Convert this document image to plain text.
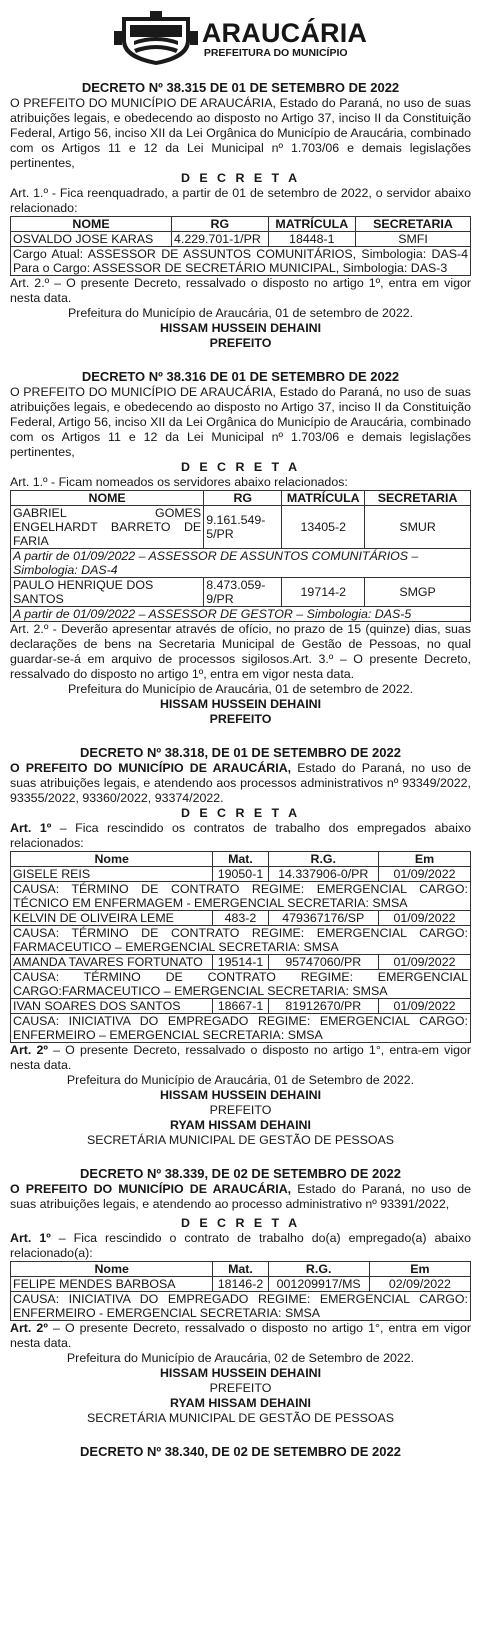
ARAUCÁRIA
PREFEITURA DO MUNICÍPIO
DECRETO Nº 38.315 DE 01 DE SETEMBRO DE 2022
O PREFEITO DO MUNICÍPIO DE ARAUCÁRIA, Estado do Paraná, no uso de suas atribuições legais, e obedecendo ao disposto no Artigo 37, inciso II da Constituição Federal, Artigo 56, inciso XII da Lei Orgânica do Município de Araucária, combinado com os Artigos 11 e 12 da Lei Municipal nº 1.703/06 e demais legislações pertinentes,
D E C R E T A
Art. 1.º - Fica reenquadrado, a partir de 01 de setembro de 2022, o servidor abaixo relacionado:
NOME	RG	MATRÍCULA	SECRETARIA
OSVALDO JOSE KARAS	4.229.701-1/PR	18448-1	SMFI
Cargo Atual: ASSESSOR DE ASSUNTOS COMUNITÁRIOS, Simbologia: DAS-4 Para o Cargo: ASSESSOR DE SECRETÁRIO MUNICIPAL, Simbologia: DAS-3			
Art. 2.º – O presente Decreto, ressalvado o disposto no artigo 1º, entra em vigor nesta data.
Prefeitura do Município de Araucária, 01 de setembro de 2022.
HISSAM HUSSEIN DEHAINI
PREFEITO
DECRETO Nº 38.316 DE 01 DE SETEMBRO DE 2022
O PREFEITO DO MUNICÍPIO DE ARAUCÁRIA, Estado do Paraná, no uso de suas atribuições legais, e obedecendo ao disposto no Artigo 37, inciso II da Constituição Federal, Artigo 56, inciso XII da Lei Orgânica do Município de Araucária, combinado com os Artigos 11 e 12 da Lei Municipal nº 1.703/06 e demais legislações pertinentes,
D E C R E T A
Art. 1.º - Ficam nomeados os servidores abaixo relacionados:
NOME	RG	MATRÍCULA	SECRETARIA
GABRIEL GOMES ENGELHARDT BARRETO DE FARIA	9.161.549-5/PR	13405-2	SMUR
A partir de 01/09/2022 – ASSESSOR DE ASSUNTOS COMUNITÁRIOS – Simbologia: DAS-4			
PAULO HENRIQUE DOS SANTOS	8.473.059-9/PR	19714-2	SMGP
A partir de 01/09/2022 – ASSESSOR DE GESTOR – Simbologia: DAS-5			
Art. 2.º - Deverão apresentar através de ofício, no prazo de 15 (quinze) dias, suas declarações de bens na Secretaria Municipal de Gestão de Pessoas, no qual guardar-se-á em arquivo de processos sigilosos.Art. 3.º – O presente Decreto, ressalvado do disposto no artigo 1º, entra em vigor nesta data.
Prefeitura do Município de Araucária, 01 de setembro de 2022.
HISSAM HUSSEIN DEHAINI
PREFEITO
DECRETO Nº 38.318, DE 01 DE SETEMBRO DE 2022
O PREFEITO DO MUNICÍPIO DE ARAUCÁRIA, Estado do Paraná, no uso de suas atribuições legais, e atendendo aos processos administrativos nº 93349/2022, 93355/2022, 93360/2022, 93374/2022.
D E C R E T A
Art. 1º – Fica rescindido os contratos de trabalho dos empregados abaixo relacionados:
Nome	Mat.	R.G.	Em
GISELE REIS	19050-1	14.337906-0/PR	01/09/2022
CAUSA: TÉRMINO DE CONTRATO REGIME: EMERGENCIAL CARGO: TÉCNICO EM ENFERMAGEM - EMERGENCIAL SECRETARIA: SMSA			
KELVIN DE OLIVEIRA LEME	483-2	479367176/SP	01/09/2022
CAUSA: TÉRMINO DE CONTRATO REGIME: EMERGENCIAL CARGO: FARMACEUTICO – EMERGENCIAL SECRETARIA: SMSA			
AMANDA TAVARES FORTUNATO	19514-1	95747060/PR	01/09/2022
CAUSA: TÉRMINO DE CONTRATO REGIME: EMERGENCIAL CARGO:FARMACEUTICO – EMERGENCIAL SECRETARIA: SMSA			
IVAN SOARES DOS SANTOS	18667-1	81912670/PR	01/09/2022
CAUSA: INICIATIVA DO EMPREGADO REGIME: EMERGENCIAL CARGO: ENFERMEIRO – EMERGENCIAL SECRETARIA: SMSA			
Art. 2º – O presente Decreto, ressalvado o disposto no artigo 1°, entra-em vigor nesta data.
Prefeitura do Município de Araucária, 01 de Setembro de 2022.
HISSAM HUSSEIN DEHAINI
PREFEITO
RYAM HISSAM DEHAINI
SECRETÁRIA MUNICIPAL DE GESTÃO DE PESSOAS
DECRETO Nº 38.339, DE 02 DE SETEMBRO DE 2022
O PREFEITO DO MUNICÍPIO DE ARAUCÁRIA, Estado do Paraná, no uso de suas atribuições legais, e atendendo ao processo administrativo nº 93391/2022,
D E C R E T A
Art. 1º – Fica rescindido o contrato de trabalho do(a) empregado(a) abaixo relacionado(a):
Nome	Mat.	R.G.	Em
FELIPE MENDES BARBOSA	18146-2	001209917/MS	02/09/2022
CAUSA: INICIATIVA DO EMPREGADO REGIME: EMERGENCIAL CARGO: ENFERMEIRO - EMERGENCIAL SECRETARIA: SMSA			
Art. 2º – O presente Decreto, ressalvado o disposto no artigo 1°, entra em vigor nesta data.
Prefeitura do Município de Araucária, 02 de Setembro de 2022.
HISSAM HUSSEIN DEHAINI
PREFEITO
RYAM HISSAM DEHAINI
SECRETÁRIA MUNICIPAL DE GESTÃO DE PESSOAS
DECRETO Nº 38.340, DE 02 DE SETEMBRO DE 2022
